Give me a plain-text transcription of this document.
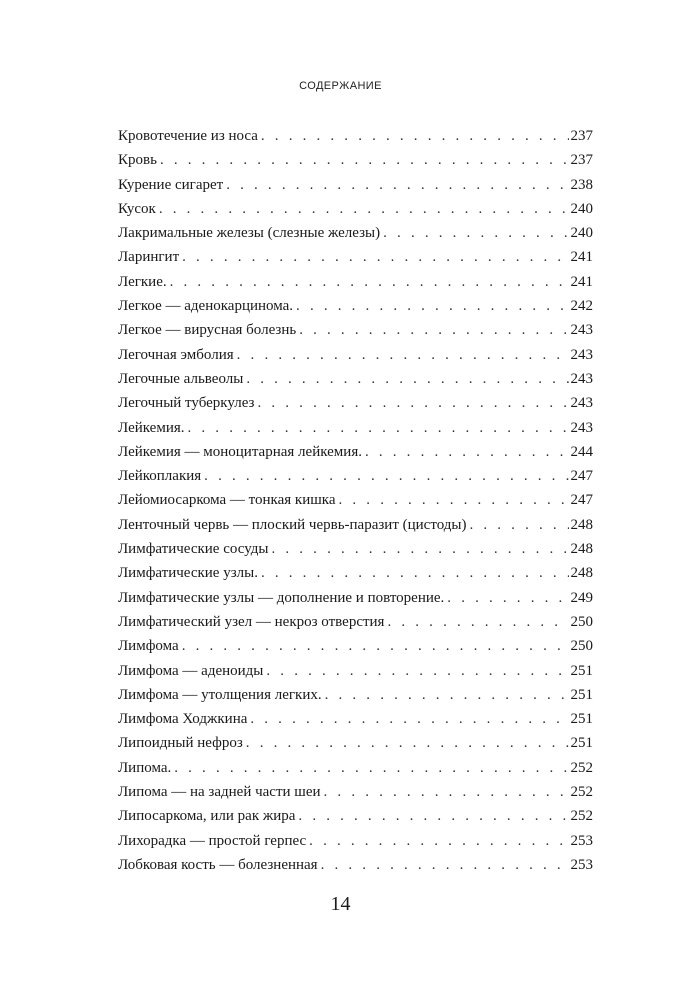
СОДЕРЖАНИЕ
Кровотечение из носа . . .	237
Кровь . . .	237
Курение сигарет . . .	238
Кусок . . .	240
Лакримальные железы (слезные железы) . . .	240
Ларингит . . .	241
Легкие. . . .	241
Легкое — аденокарцинома. . . .	242
Легкое — вирусная болезнь . . .	243
Легочная эмболия . . .	243
Легочные альвеолы . . .	243
Легочный туберкулез . . .	243
Лейкемия. . . .	243
Лейкемия — моноцитарная лейкемия. . . .	244
Лейкоплакия . . .	247
Лейомиосаркома — тонкая кишка . . .	247
Ленточный червь — плоский червь-паразит (цистоды) . . .	248
Лимфатические сосуды . . .	248
Лимфатические узлы. . . .	248
Лимфатические узлы — дополнение и повторение. . . .	249
Лимфатический узел — некроз отверстия . . .	250
Лимфома . . .	250
Лимфома — аденоиды . . .	251
Лимфома — утолщения легких. . . .	251
Лимфома Ходжкина . . .	251
Липоидный нефроз . . .	251
Липома. . . .	252
Липома — на задней части шеи . . .	252
Липосаркома, или рак жира . . .	252
Лихорадка — простой герпес . . .	253
Лобковая кость — болезненная . . .	253
14
